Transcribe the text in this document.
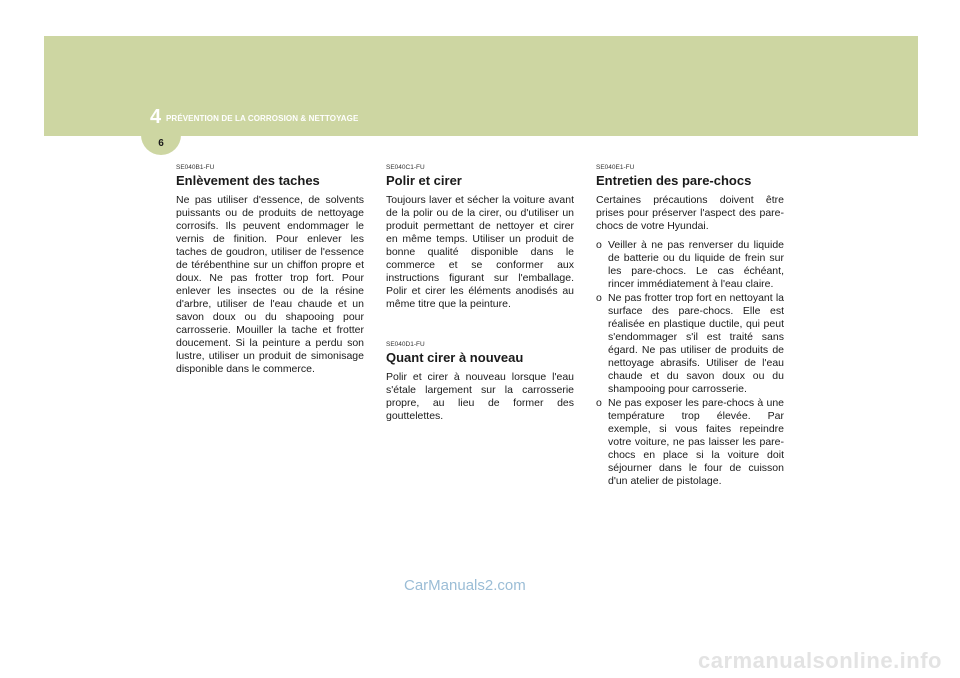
4 PRÉVENTION DE LA CORROSION & NETTOYAGE
6
SE040B1-FU
Enlèvement des taches

Ne pas utiliser d'essence, de solvents puissants ou de produits de nettoyage corrosifs. Ils peuvent endommager le vernis de finition. Pour enlever les taches de goudron, utiliser de l'essence de térébenthine sur un chiffon propre et doux. Ne pas frotter trop fort. Pour enlever les insectes ou de la résine d'arbre, utiliser de l'eau chaude et un savon doux ou du shapooing pour carrosserie. Mouiller la tache et frotter doucement. Si la peinture a perdu son lustre, utiliser un produit de simonisage disponible dans le commerce.

SE040C1-FU
Polir et cirer

Toujours laver et sécher la voiture avant de la polir ou de la cirer, ou d'utiliser un produit permettant de nettoyer et cirer en même temps. Utiliser un produit de bonne qualité disponible dans le commerce et se conformer aux instructions figurant sur l'emballage. Polir et cirer les éléments anodisés au même titre que la peinture.

SE040D1-FU
Quant cirer à nouveau

Polir et cirer à nouveau lorsque l'eau s'étale largement sur la carrosserie propre, au lieu de former des gouttelettes.

SE040E1-FU
Entretien des pare-chocs

Certaines précautions doivent être prises pour préserver l'aspect des pare-chocs de votre Hyundai.

o Veiller à ne pas renverser du liquide de batterie ou du liquide de frein sur les pare-chocs. Le cas échéant, rincer immédiatement à l'eau claire.
o Ne pas frotter trop fort en nettoyant la surface des pare-chocs. Elle est réalisée en plastique ductile, qui peut s'endommager s'il est traité sans égard. Ne pas utiliser de produits de nettoyage abrasifs. Utiliser de l'eau chaude et du savon doux ou du shampooing pour carrosserie.
o Ne pas exposer les pare-chocs à une température trop élevée. Par exemple, si vous faites repeindre votre voiture, ne pas laisser les pare-chocs en place si la voiture doit séjourner dans le four de cuisson d'un atelier de pistolage.
CarManuals2.com
carmanualsonline.info
